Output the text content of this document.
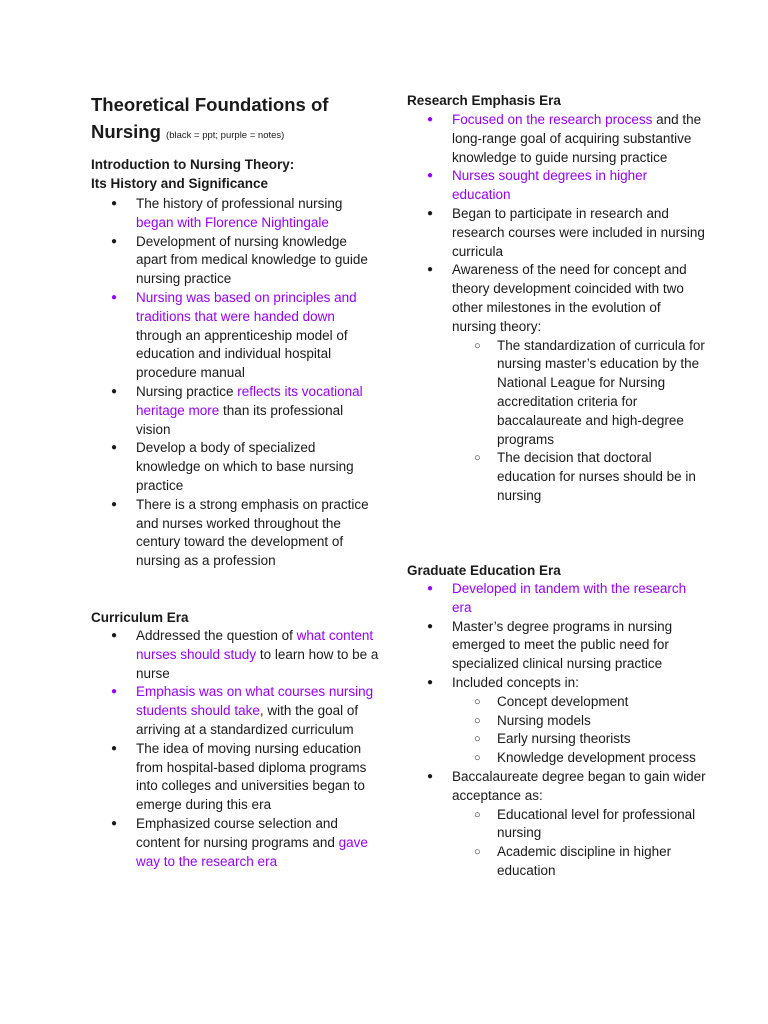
Theoretical Foundations of Nursing (black = ppt; purple = notes)
Introduction to Nursing Theory:
Its History and Significance
● The history of professional nursing began with Florence Nightingale
● Development of nursing knowledge apart from medical knowledge to guide nursing practice
● Nursing was based on principles and traditions that were handed down through an apprenticeship model of education and individual hospital procedure manual
● Nursing practice reflects its vocational heritage more than its professional vision
● Develop a body of specialized knowledge on which to base nursing practice
● There is a strong emphasis on practice and nurses worked throughout the century toward the development of nursing as a profession
Curriculum Era
● Addressed the question of what content nurses should study to learn how to be a nurse
● Emphasis was on what courses nursing students should take, with the goal of arriving at a standardized curriculum
● The idea of moving nursing education from hospital-based diploma programs into colleges and universities began to emerge during this era
● Emphasized course selection and content for nursing programs and gave way to the research era
Research Emphasis Era
● Focused on the research process and the long-range goal of acquiring substantive knowledge to guide nursing practice
● Nurses sought degrees in higher education
● Began to participate in research and research courses were included in nursing curricula
● Awareness of the need for concept and theory development coincided with two other milestones in the evolution of nursing theory:
○ The standardization of curricula for nursing master’s education by the National League for Nursing accreditation criteria for baccalaureate and high-degree programs
○ The decision that doctoral education for nurses should be in nursing
Graduate Education Era
● Developed in tandem with the research era
● Master’s degree programs in nursing emerged to meet the public need for specialized clinical nursing practice
● Included concepts in:
○ Concept development
○ Nursing models
○ Early nursing theorists
○ Knowledge development process
● Baccalaureate degree began to gain wider acceptance as:
○ Educational level for professional nursing
○ Academic discipline in higher education
